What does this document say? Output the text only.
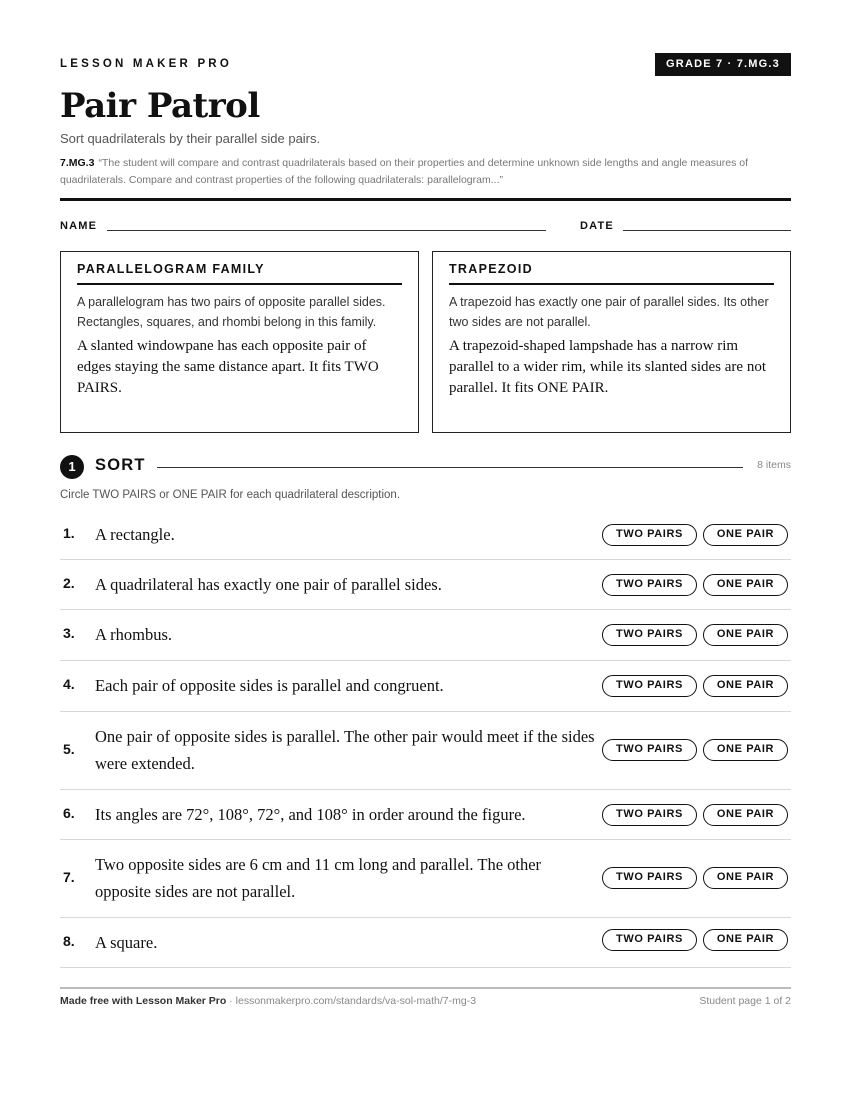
LESSON MAKER PRO	GRADE 7 · 7.MG.3
Pair Patrol
Sort quadrilaterals by their parallel side pairs.
7.MG.3 “The student will compare and contrast quadrilaterals based on their properties and determine unknown side lengths and angle measures of quadrilaterals. Compare and contrast properties of the following quadrilaterals: parallelogram...”
NAME	DATE
PARALLELOGRAM FAMILY
A parallelogram has two pairs of opposite parallel sides. Rectangles, squares, and rhombi belong in this family.
A slanted windowpane has each opposite pair of edges staying the same distance apart. It fits TWO PAIRS.
TRAPEZOID
A trapezoid has exactly one pair of parallel sides. Its other two sides are not parallel.
A trapezoid-shaped lampshade has a narrow rim parallel to a wider rim, while its slanted sides are not parallel. It fits ONE PAIR.
1	SORT	8 items
Circle TWO PAIRS or ONE PAIR for each quadrilateral description.
1. A rectangle.	TWO PAIRS	ONE PAIR
2. A quadrilateral has exactly one pair of parallel sides.	TWO PAIRS	ONE PAIR
3. A rhombus.	TWO PAIRS	ONE PAIR
4. Each pair of opposite sides is parallel and congruent.	TWO PAIRS	ONE PAIR
5.
One pair of opposite sides is parallel. The other pair would meet if the sides were extended.
TWO PAIRS	ONE PAIR
6. Its angles are 72°, 108°, 72°, and 108° in order around the figure.	TWO PAIRS	ONE PAIR
7.
Two opposite sides are 6 cm and 11 cm long and parallel. The other opposite sides are not parallel.
TWO PAIRS	ONE PAIR
8. A square.	TWO PAIRS	ONE PAIR
Made free with Lesson Maker Pro · lessonmakerpro.com/standards/va-sol-math/7-mg-3	Student page 1 of 2
